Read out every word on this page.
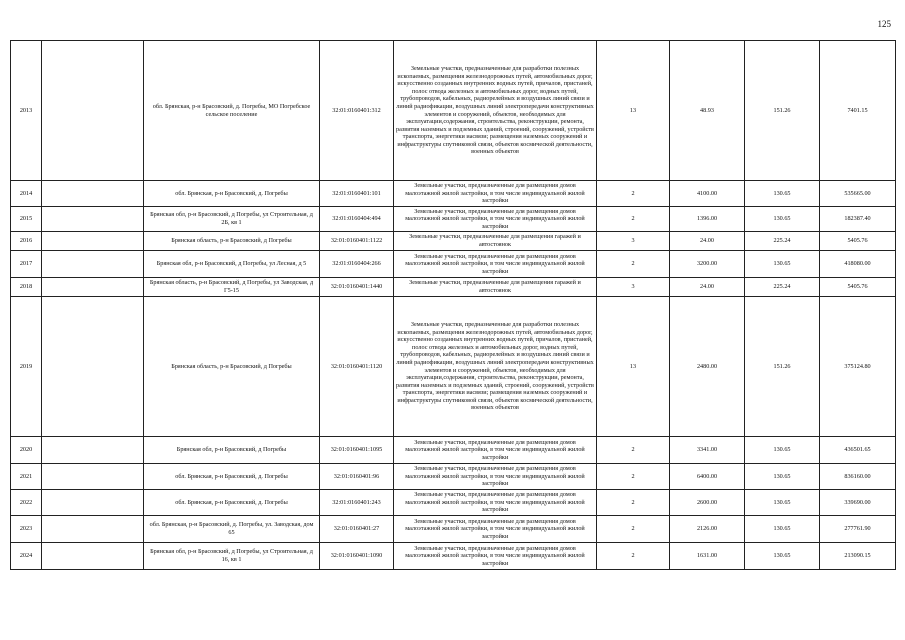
125
2013		обл. Брянская, р-н Брасовский, д. Погребы, МО Погребское сельское поселение	32:01:0160401:312	Земельные участки, предназначенные для разработки полезных ископаемых, размещения железнодорожных путей, автомобильных дорог, искусственно созданных внутренних водных путей, причалов, пристаней, полос отвода железных и автомобильных дорог, водных путей, трубопроводов, кабельных, радиорелейных и воздушных линий связи и линий радиофикации, воздушных линий электропередачи конструктивных элементов и сооружений, объектов, необходимых для эксплуатации,содержания, строительства, реконструкции, ремонта, развития наземных и подземных зданий, строений, сооружений, устройств транспорта, энергетики иасвязи; размещения наземных сооружений и инфраструктуры спутниковой связи, объектов космической деятельности, военных объектов	13	48.93	151.26	7401.15
2014		обл. Брянская, р-н Брасовский, д. Погребы	32:01:0160401:101	Земельные участки, предназначенные для размещения домов малоэтажной жилой застройки, в том числе индивидуальной жилой застройки	2	4100.00	130.65	535665.00
2015		Брянская обл, р-н Брасовский, д Погребы, ул Строительная, д 2Б, кв 1	32:01:0160404:494	Земельные участки, предназначенные для размещения домов малоэтажной жилой застройки, в том числе индивидуальной жилой застройки	2	1396.00	130.65	182387.40
2016		Брянская область, р-н Брасовский, д Погребы	32:01:0160401:1122	Земельные участки, предназначенные для размещения гаражей и автостоянок	3	24.00	225.24	5405.76
2017		Брянская обл, р-н Брасовский, д Погребы, ул Лесная, д 5	32:01:0160404:266	Земельные участки, предназначенные для размещения домов малоэтажной жилой застройки, в том числе индивидуальной жилой застройки	2	3200.00	130.65	418080.00
2018		Брянская область, р-н Брасовский, д Погребы, ул Заводская, д Г5-15	32:01:0160401:1440	Земельные участки, предназначенные для размещения гаражей и автостоянок	3	24.00	225.24	5405.76
2019		Брянская область, р-н Брасовский, д Погребы	32:01:0160401:1120	Земельные участки, предназначенные для разработки полезных ископаемых, размещения железнодорожных путей, автомобильных дорог, искусственно созданных внутренних водных путей, причалов, пристаней, полос отвода железных и автомобильных дорог, водных путей, трубопроводов, кабельных, радиорелейных и воздушных линий связи и линий радиофикации, воздушных линий электропередачи конструктивных элементов и сооружений, объектов, необходимых для эксплуатации,содержания, строительства, реконструкции, ремонта, развития наземных и подземных зданий, строений, сооружений, устройств транспорта, энергетики иасвязи; размещения наземных сооружений и инфраструктуры спутниковой связи, объектов космической деятельности, военных объектов	13	2480.00	151.26	375124.80
2020		Брянская обл, р-н Брасовский, д Погребы	32:01:0160401:1095	Земельные участки, предназначенные для размещения домов малоэтажной жилой застройки, в том числе индивидуальной жилой застройки	2	3341.00	130.65	436501.65
2021		обл. Брянская, р-н Брасовский, д. Погребы	32:01:0160401:96	Земельные участки, предназначенные для размещения домов малоэтажной жилой застройки, в том числе индивидуальной жилой застройки	2	6400.00	130.65	836160.00
2022		обл. Брянская, р-н Брасовский, д. Погребы	32:01:0160401:243	Земельные участки, предназначенные для размещения домов малоэтажной жилой застройки, в том числе индивидуальной жилой застройки	2	2600.00	130.65	339690.00
2023		обл. Брянская, р-н Брасовский, д. Погребы, ул. Заводская, дом 65	32:01:0160401:27	Земельные участки, предназначенные для размещения домов малоэтажной жилой застройки, в том числе индивидуальной жилой застройки	2	2126.00	130.65	277761.90
2024		Брянская обл, р-н Брасовский, д Погребы, ул Строительная, д 16, кв 1	32:01:0160401:1090	Земельные участки, предназначенные для размещения домов малоэтажной жилой застройки, в том числе индивидуальной жилой застройки	2	1631.00	130.65	213090.15
